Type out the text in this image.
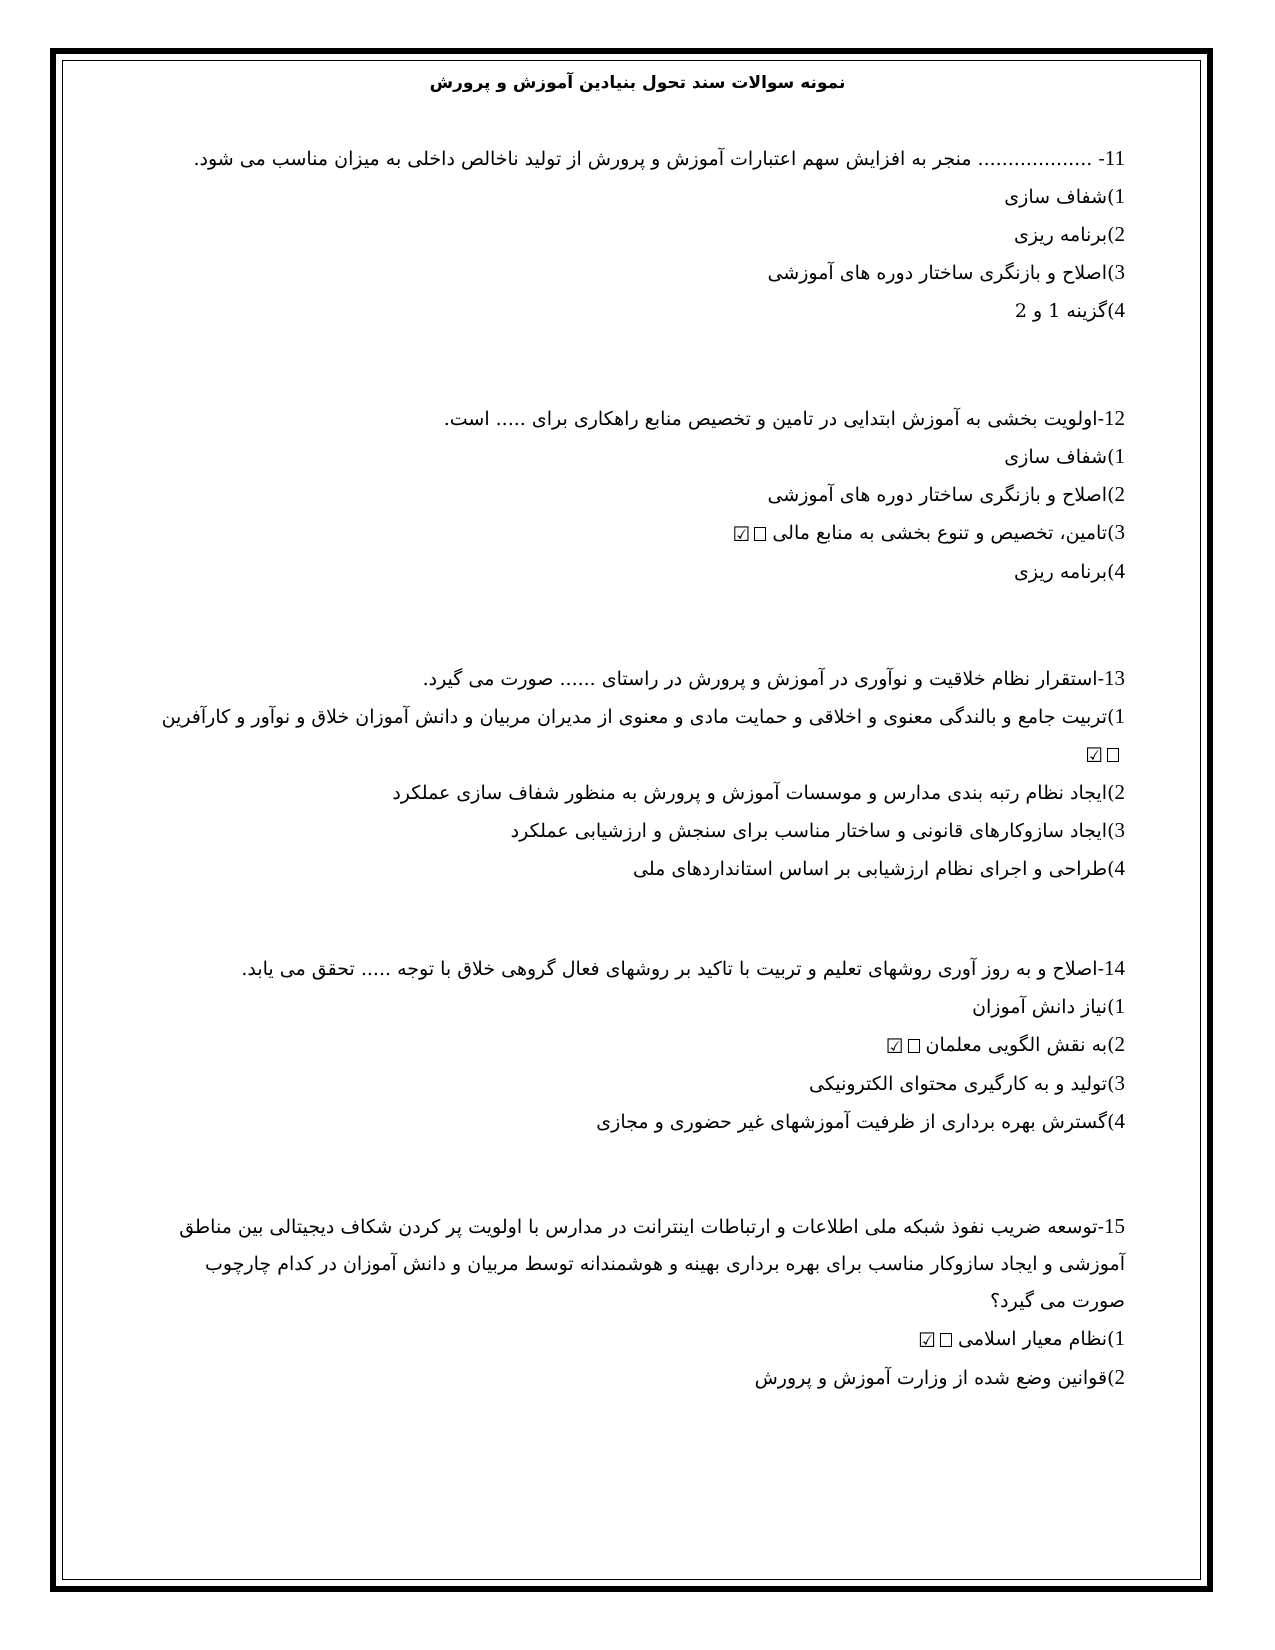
نمونه سوالات سند تحول بنیادین آموزش و پرورش
11- ................... منجر به افزایش سهم اعتبارات آموزش و پرورش از تولید ناخالص داخلی به میزان مناسب می شود.
1)شفاف سازی
2)برنامه ریزی
3)اصلاح و بازنگری ساختار دوره های آموزشی
4)گزینه 1 و 2
12-اولویت بخشی به آموزش ابتدایی در تامین و تخصیص منابع راهکاری برای ..... است.
1)شفاف سازی
2)اصلاح و بازنگری ساختار دوره های آموزشی
3)تامین، تخصیص و تنوع بخشی به منابع مالی☑
4)برنامه ریزی
13-استقرار نظام خلاقیت و نوآوری در آموزش و پرورش در راستای ...... صورت می گیرد.
1)تربیت جامع و بالندگی معنوی و اخلاقی و حمایت مادی و معنوی از مدیران مربیان و دانش آموزان خلاق و نوآور و کارآفرین ☑
2)ایجاد نظام رتبه بندی مدارس و موسسات آموزش و پرورش به منظور شفاف سازی عملکرد
3)ایجاد سازوکارهای قانونی و ساختار مناسب برای سنجش و ارزشیابی عملکرد
4)طراحی و اجرای نظام ارزشیابی بر اساس استانداردهای ملی
14-اصلاح و به روز آوری روشهای تعلیم و تربیت با تاکید بر روشهای فعال گروهی خلاق با توجه ..... تحقق می یابد.
1)نیاز دانش آموزان
2)به نقش الگویی معلمان☑
3)تولید و به کارگیری محتوای الکترونیکی
4)گسترش بهره برداری از ظرفیت آموزشهای غیر حضوری و مجازی
15-توسعه ضریب نفوذ شبکه ملی اطلاعات و ارتباطات اینترانت در مدارس با اولویت پر کردن شکاف دیجیتالی بین مناطق آموزشی و ایجاد سازوکار مناسب برای بهره برداری بهینه و هوشمندانه توسط مربیان و دانش آموزان در کدام چارچوب صورت می گیرد؟
1)نظام معیار اسلامی☑
2)قوانین وضع شده از وزارت آموزش و پرورش
